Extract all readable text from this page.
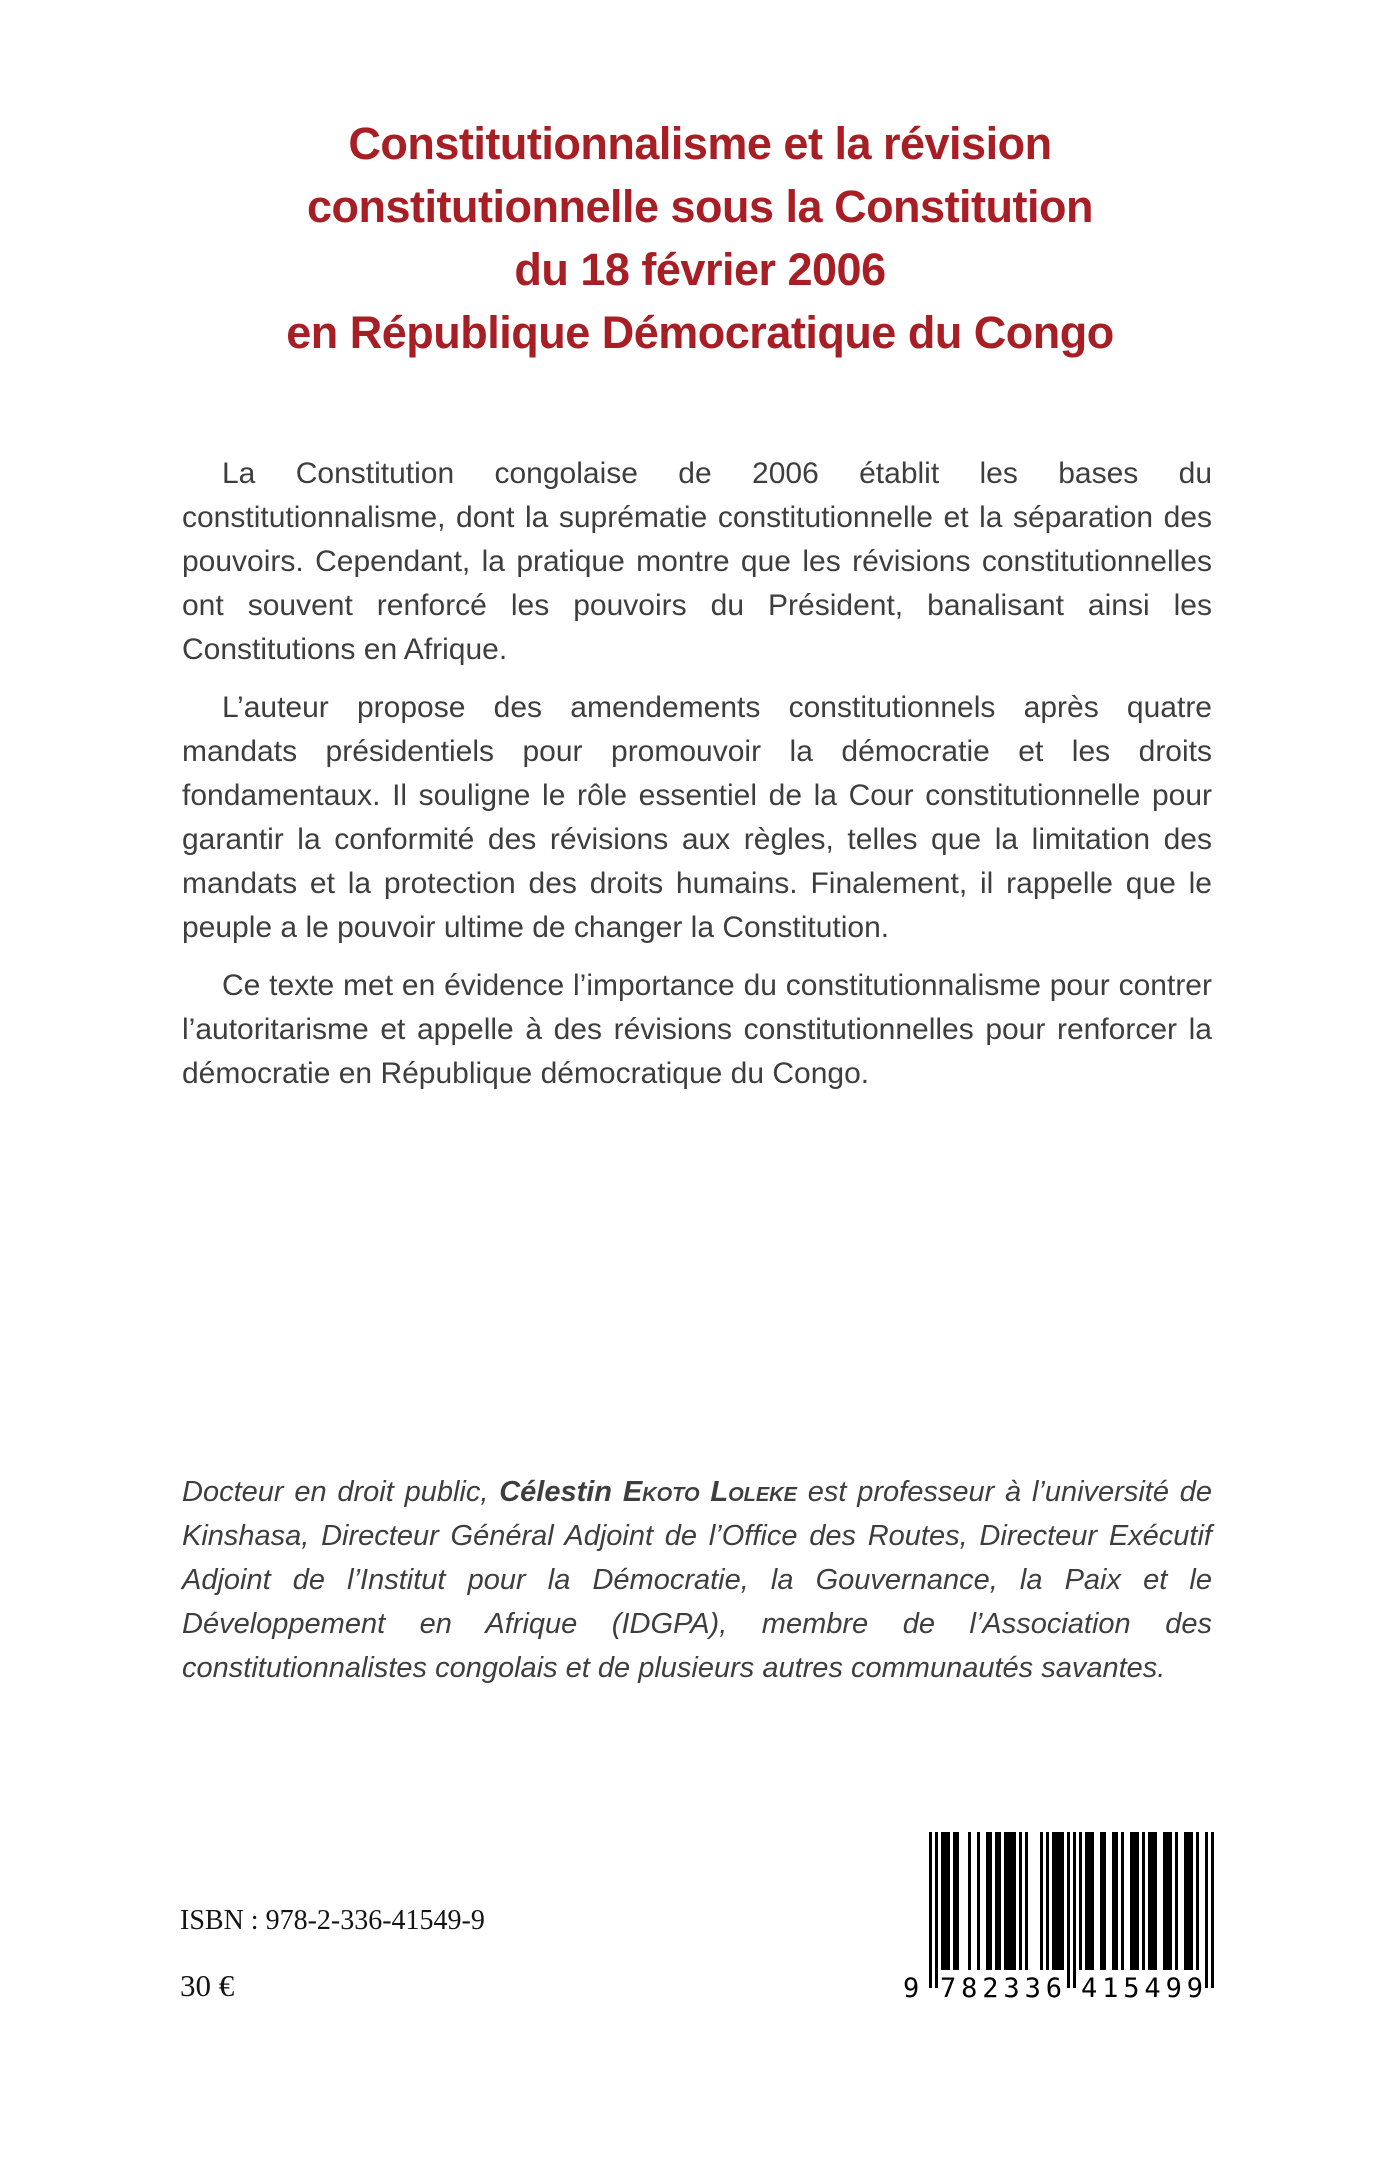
Constitutionnalisme et la révision
constitutionnelle sous la Constitution
du 18 février 2006
en République Démocratique du Congo

La Constitution congolaise de 2006 établit les bases du constitutionnalisme, dont la suprématie constitutionnelle et la séparation des pouvoirs. Cependant, la pratique montre que les révisions constitutionnelles ont souvent renforcé les pouvoirs du Président, banalisant ainsi les Constitutions en Afrique.

L’auteur propose des amendements constitutionnels après quatre mandats présidentiels pour promouvoir la démocratie et les droits fondamentaux. Il souligne le rôle essentiel de la Cour constitutionnelle pour garantir la conformité des révisions aux règles, telles que la limitation des mandats et la protection des droits humains. Finalement, il rappelle que le peuple a le pouvoir ultime de changer la Constitution.

Ce texte met en évidence l’importance du constitutionnalisme pour contrer l’autoritarisme et appelle à des révisions constitutionnelles pour renforcer la démocratie en République démocratique du Congo.

Docteur en droit public, Célestin Ekoto Loleke est professeur à l’université de Kinshasa, Directeur Général Adjoint de l’Office des Routes, Directeur Exécutif Adjoint de l’Institut pour la Démocratie, la Gouvernance, la Paix et le Développement en Afrique (IDGPA), membre de l’Association des constitutionnalistes congolais et de plusieurs autres communautés savantes.

ISBN : 978-2-336-41549-9
30 €	9 7 8 2 3 3 6 4 1 5 4 9 9
